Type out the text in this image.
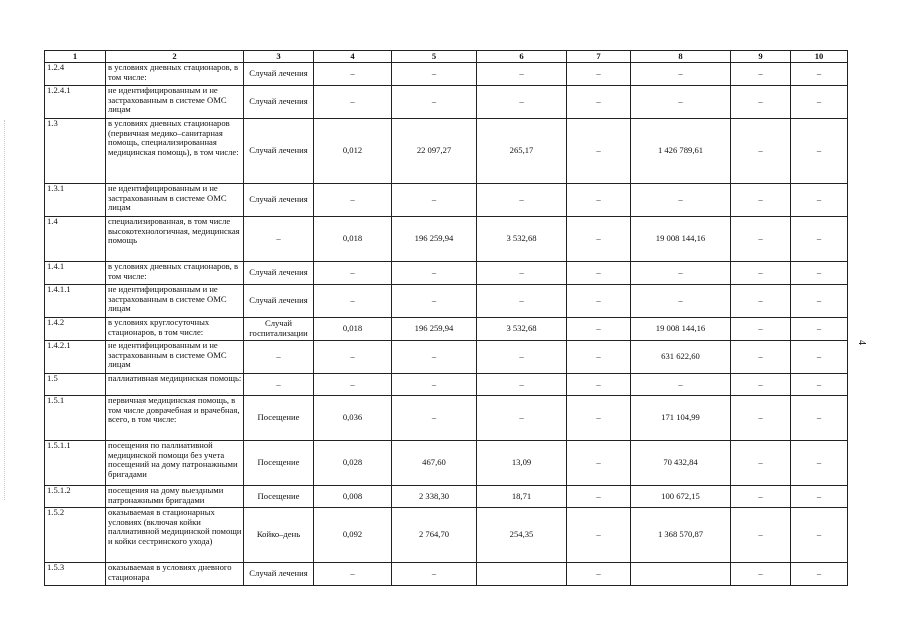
1	2	3	4	5	6	7	8	9	10
1.2.4	в условиях дневных стационаров, в том числе:	Случай лечения	–	–	–	–	–	–	–
1.2.4.1	не идентифицированным и не застрахованным в системе ОМС лицам	Случай лечения	–	–	–	–	–	–	–
1.3	в условиях дневных стационаров (первичная медико–санитарная помощь, специализированная медицинская помощь), в том числе:	Случай лечения	0,012	22 097,27	265,17	–	1 426 789,61	–	–
1.3.1	не идентифицированным и не застрахованным в системе ОМС лицам	Случай лечения	–	–	–	–	–	–	–
1.4	специализированная, в том числе высокотехнологичная, медицинская помощь	–	0,018	196 259,94	3 532,68	–	19 008 144,16	–	–
1.4.1	в условиях дневных стационаров, в том числе:	Случай лечения	–	–	–	–	–	–	–
1.4.1.1	не идентифицированным и не застрахованным в системе ОМС лицам	Случай лечения	–	–	–	–	–	–	–
1.4.2	в условиях круглосуточных стационаров, в том числе:	Случай госпитализации	0,018	196 259,94	3 532,68	–	19 008 144,16	–	–
1.4.2.1	не идентифицированным и не застрахованным в системе ОМС лицам	–	–	–	–	–	631 622,60	–	–
1.5	паллиативная медицинская помощь:	–	–	–	–	–	–	–	–
1.5.1	первичная медицинская помощь, в том числе доврачебная и врачебная, всего, в том числе:	Посещение	0,036	–	–	–	171 104,99	–	–
1.5.1.1	посещения по паллиативной медицинской помощи без учета посещений на дому патронажными бригадами	Посещение	0,028	467,60	13,09	–	70 432,84	–	–
1.5.1.2	посещения на дому выездными патронажными бригадами	Посещение	0,008	2 338,30	18,71	–	100 672,15	–	–
1.5.2	оказываемая в стационарных условиях (включая койки паллиативной медицинской помощи и койки сестринского ухода)	Койко–день	0,092	2 764,70	254,35	–	1 368 570,87	–	–
1.5.3	оказываемая в условиях дневного стационара	Случай лечения	–	–		–		–	–
4
